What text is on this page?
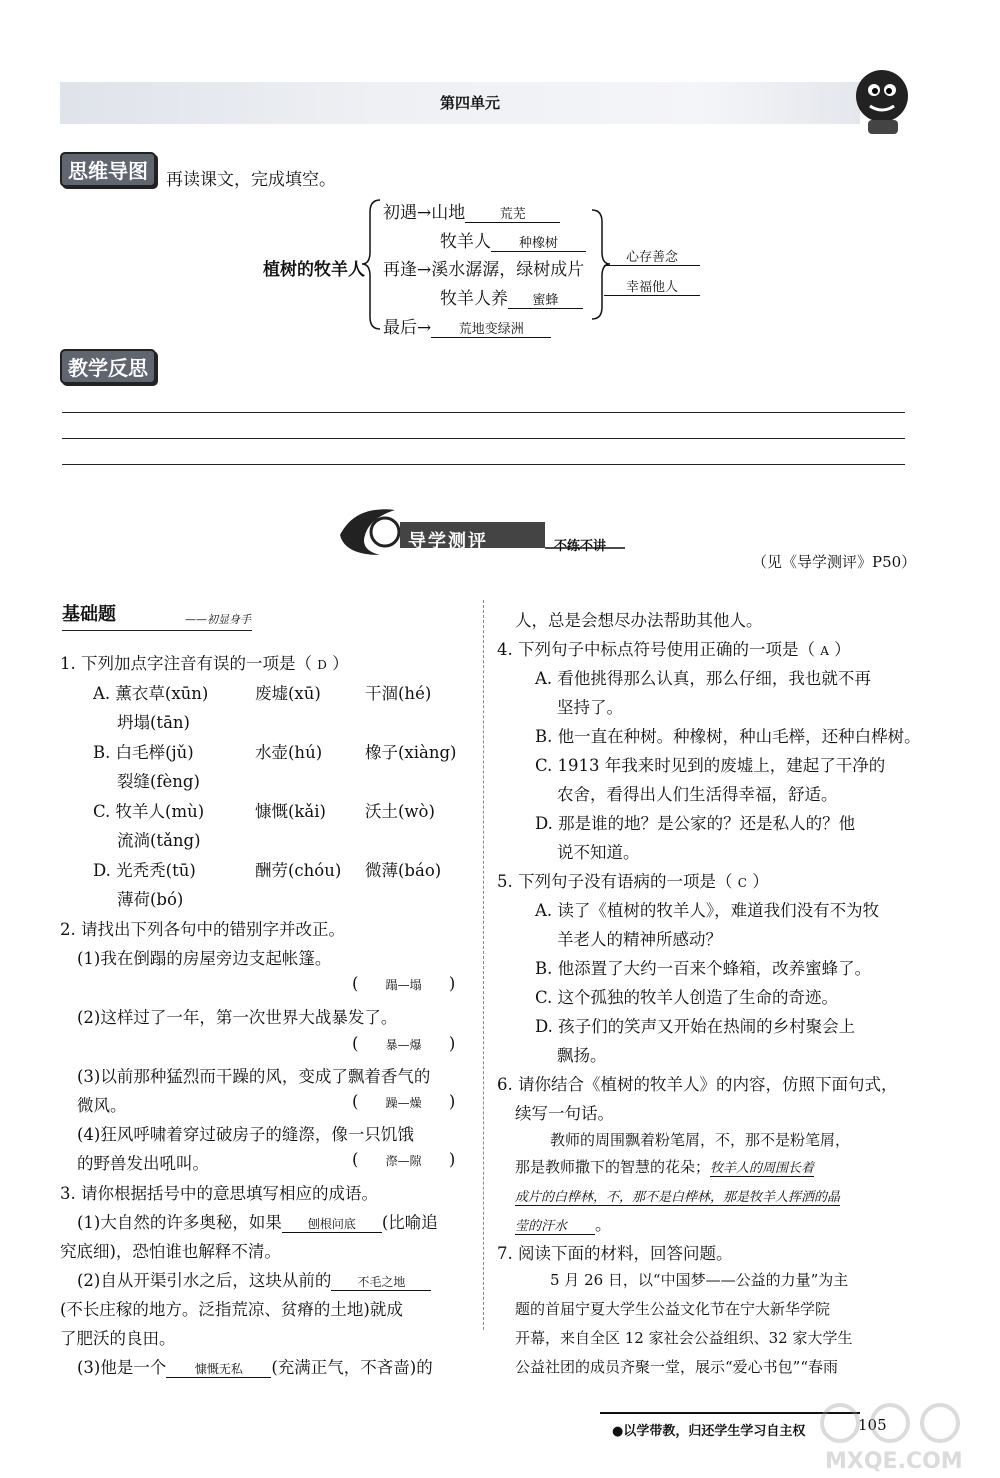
第四单元
思维导图	再读课文，完成填空。
植树的牧羊人
初遇→山地	荒芜
牧羊人 种橡树
再逢→溪水潺潺，绿树成片
牧羊人养 蜜蜂
最后→ 荒地变绿洲
心存善念
幸福他人
教学反思
导学测评	不练不讲
（见《导学测评》P50）
基础题	——初显身手
1. 下列加点字注音有误的一项是（ D ）
A. 薰衣草(xūn)	废墟(xū)	干涸(hé)
坍塌(tān)
B. 白毛榉(jǔ)	水壶(hú)	橡子(xiàng)
裂缝(fèng)
C. 牧羊人(mù)	慷慨(kǎi) 沃土(wò)
流淌(tǎng)
D. 光秃秃(tū)	酬劳(chóu) 微薄(báo)
薄荷(bó)
2. 请找出下列各句中的错别字并改正。
(1)我在倒蹋的房屋旁边支起帐篷。
( 蹋—塌 )
(2)这样过了一年，第一次世界大战暴发了。
( 暴—爆 )
(3)以前那种猛烈而干躁的风，变成了飘着香气的
微风。	( 躁—燥 )
(4)狂风呼啸着穿过破房子的缝漈，像一只饥饿
的野兽发出吼叫。	( 漈—隙 )
3. 请你根据括号中的意思填写相应的成语。
(1)大自然的许多奥秘，如果 刨根问底 (比喻追
究底细)，恐怕谁也解释不清。
(2)自从开渠引水之后，这块从前的 不毛之地
(不长庄稼的地方。泛指荒凉、贫瘠的土地)就成
了肥沃的良田。
(3)他是一个 慷慨无私 (充满正气，不吝啬)的
人，总是会想尽办法帮助其他人。
4. 下列句子中标点符号使用正确的一项是（ A ）
A. 看他挑得那么认真，那么仔细，我也就不再
坚持了。
B. 他一直在种树。种橡树，种山毛榉，还种白桦树。
C. 1913 年我来时见到的废墟上，建起了干净的
农舍，看得出人们生活得幸福，舒适。
D. 那是谁的地？是公家的？还是私人的？他
说不知道。
5. 下列句子没有语病的一项是（ C ）
A. 读了《植树的牧羊人》，难道我们没有不为牧
羊老人的精神所感动？
B. 他添置了大约一百来个蜂箱，改养蜜蜂了。
C. 这个孤独的牧羊人创造了生命的奇迹。
D. 孩子们的笑声又开始在热闹的乡村聚会上
飘扬。
6. 请你结合《植树的牧羊人》的内容，仿照下面句式，
续写一句话。
教师的周围飘着粉笔屑，不，那不是粉笔屑，
那是教师撒下的智慧的花朵；牧羊人的周围长着
成片的白桦林，不，那不是白桦林，那是牧羊人挥洒的晶
莹的汗水 。
7. 阅读下面的材料，回答问题。
5 月 26 日，以“中国梦——公益的力量”为主
题的首届宁夏大学生公益文化节在宁大新华学院
开幕，来自全区 12 家社会公益组织、32 家大学生
公益社团的成员齐聚一堂，展示“爱心书包”“春雨
●以学带教，归还学生学习自主权	105
MXQE.COM
